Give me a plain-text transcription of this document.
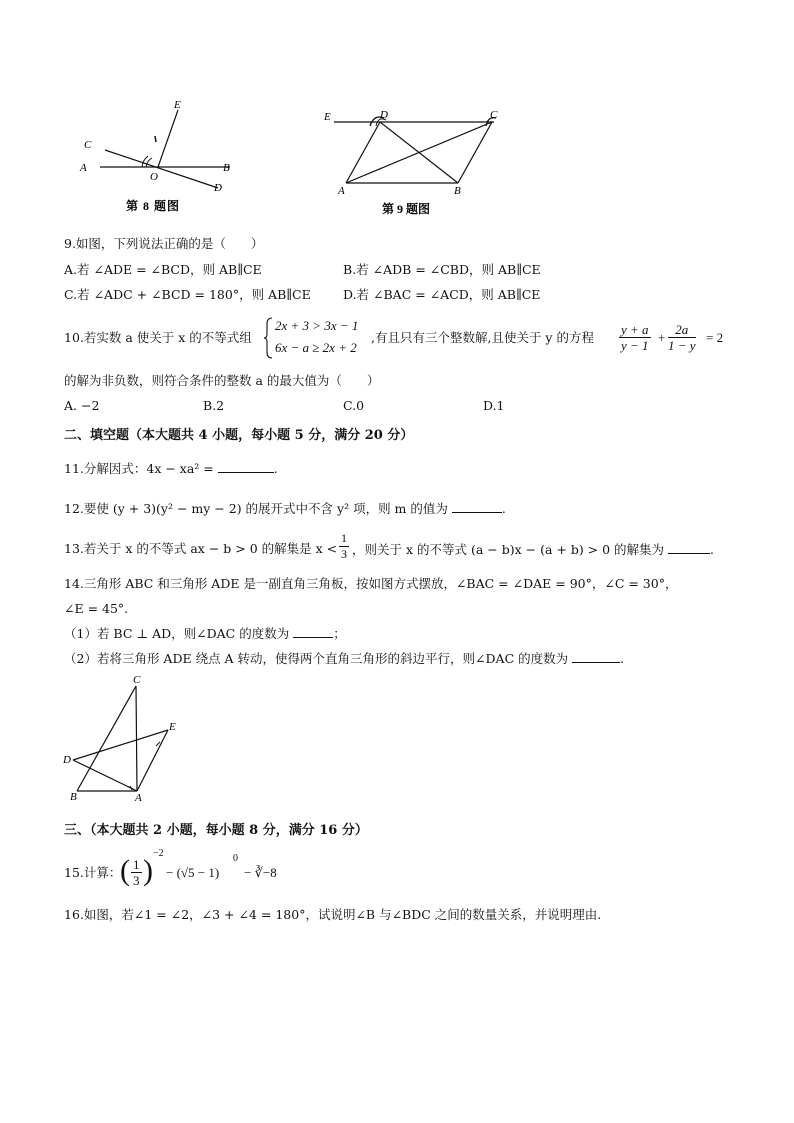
E
C
A
O
B
D
第 8 题图
E	D	C
A	B
第 9 题图
9.如图，下列说法正确的是（　　）
A.若 ∠ADE = ∠BCD，则 AB∥CE	B.若 ∠ADB = ∠CBD，则 AB∥CE
C.若 ∠ADC + ∠BCD = 180°，则 AB∥CE	D.若 ∠BAC = ∠ACD，则 AB∥CE
10.若实数 a 使关于 x 的不等式组
2x + 3 > 3x − 1
6x − a ≥ 2x + 2
,有且只有三个整数解,且使关于 y 的方程 $\frac{y + a}{y - 1} + \frac{2a}{1 - y} = 2$
的解为非负数，则符合条件的整数 a 的最大值为（　　）
A. −2	B.2	C.0	D.1
二、填空题（本大题共 4 小题，每小题 5 分，满分 20 分）
11.分解因式：4x − xa² =	.
12.要使 (y + 3)(y² − my − 2) 的展开式中不含 y² 项，则 m 的值为	.
13.若关于 x 的不等式 ax − b > 0 的解集是 $x < \frac{1}{3}$ ，则关于 x 的不等式 (a − b)x − (a + b) > 0 的解集为	.
14.三角形 ABC 和三角形 ADE 是一副直角三角板，按如图方式摆放，∠BAC = ∠DAE = 90°，∠C = 30°，
∠E = 45°.
（1）若 BC ⊥ AD，则∠DAC 的度数为	；
（2）若将三角形 ADE 绕点 A 转动，使得两个直角三角形的斜边平行，则∠DAC 的度数为	.
C
E
D
B	A
三、（本大题共 2 小题，每小题 8 分，满分 16 分）
15.计算：
( $\frac{1}{3}$ )
−2
− (√5 − 1)
0
− ∛−8
16.如图，若∠1 = ∠2，∠3 + ∠4 = 180°，试说明∠B 与∠BDC 之间的数量关系，并说明理由.
